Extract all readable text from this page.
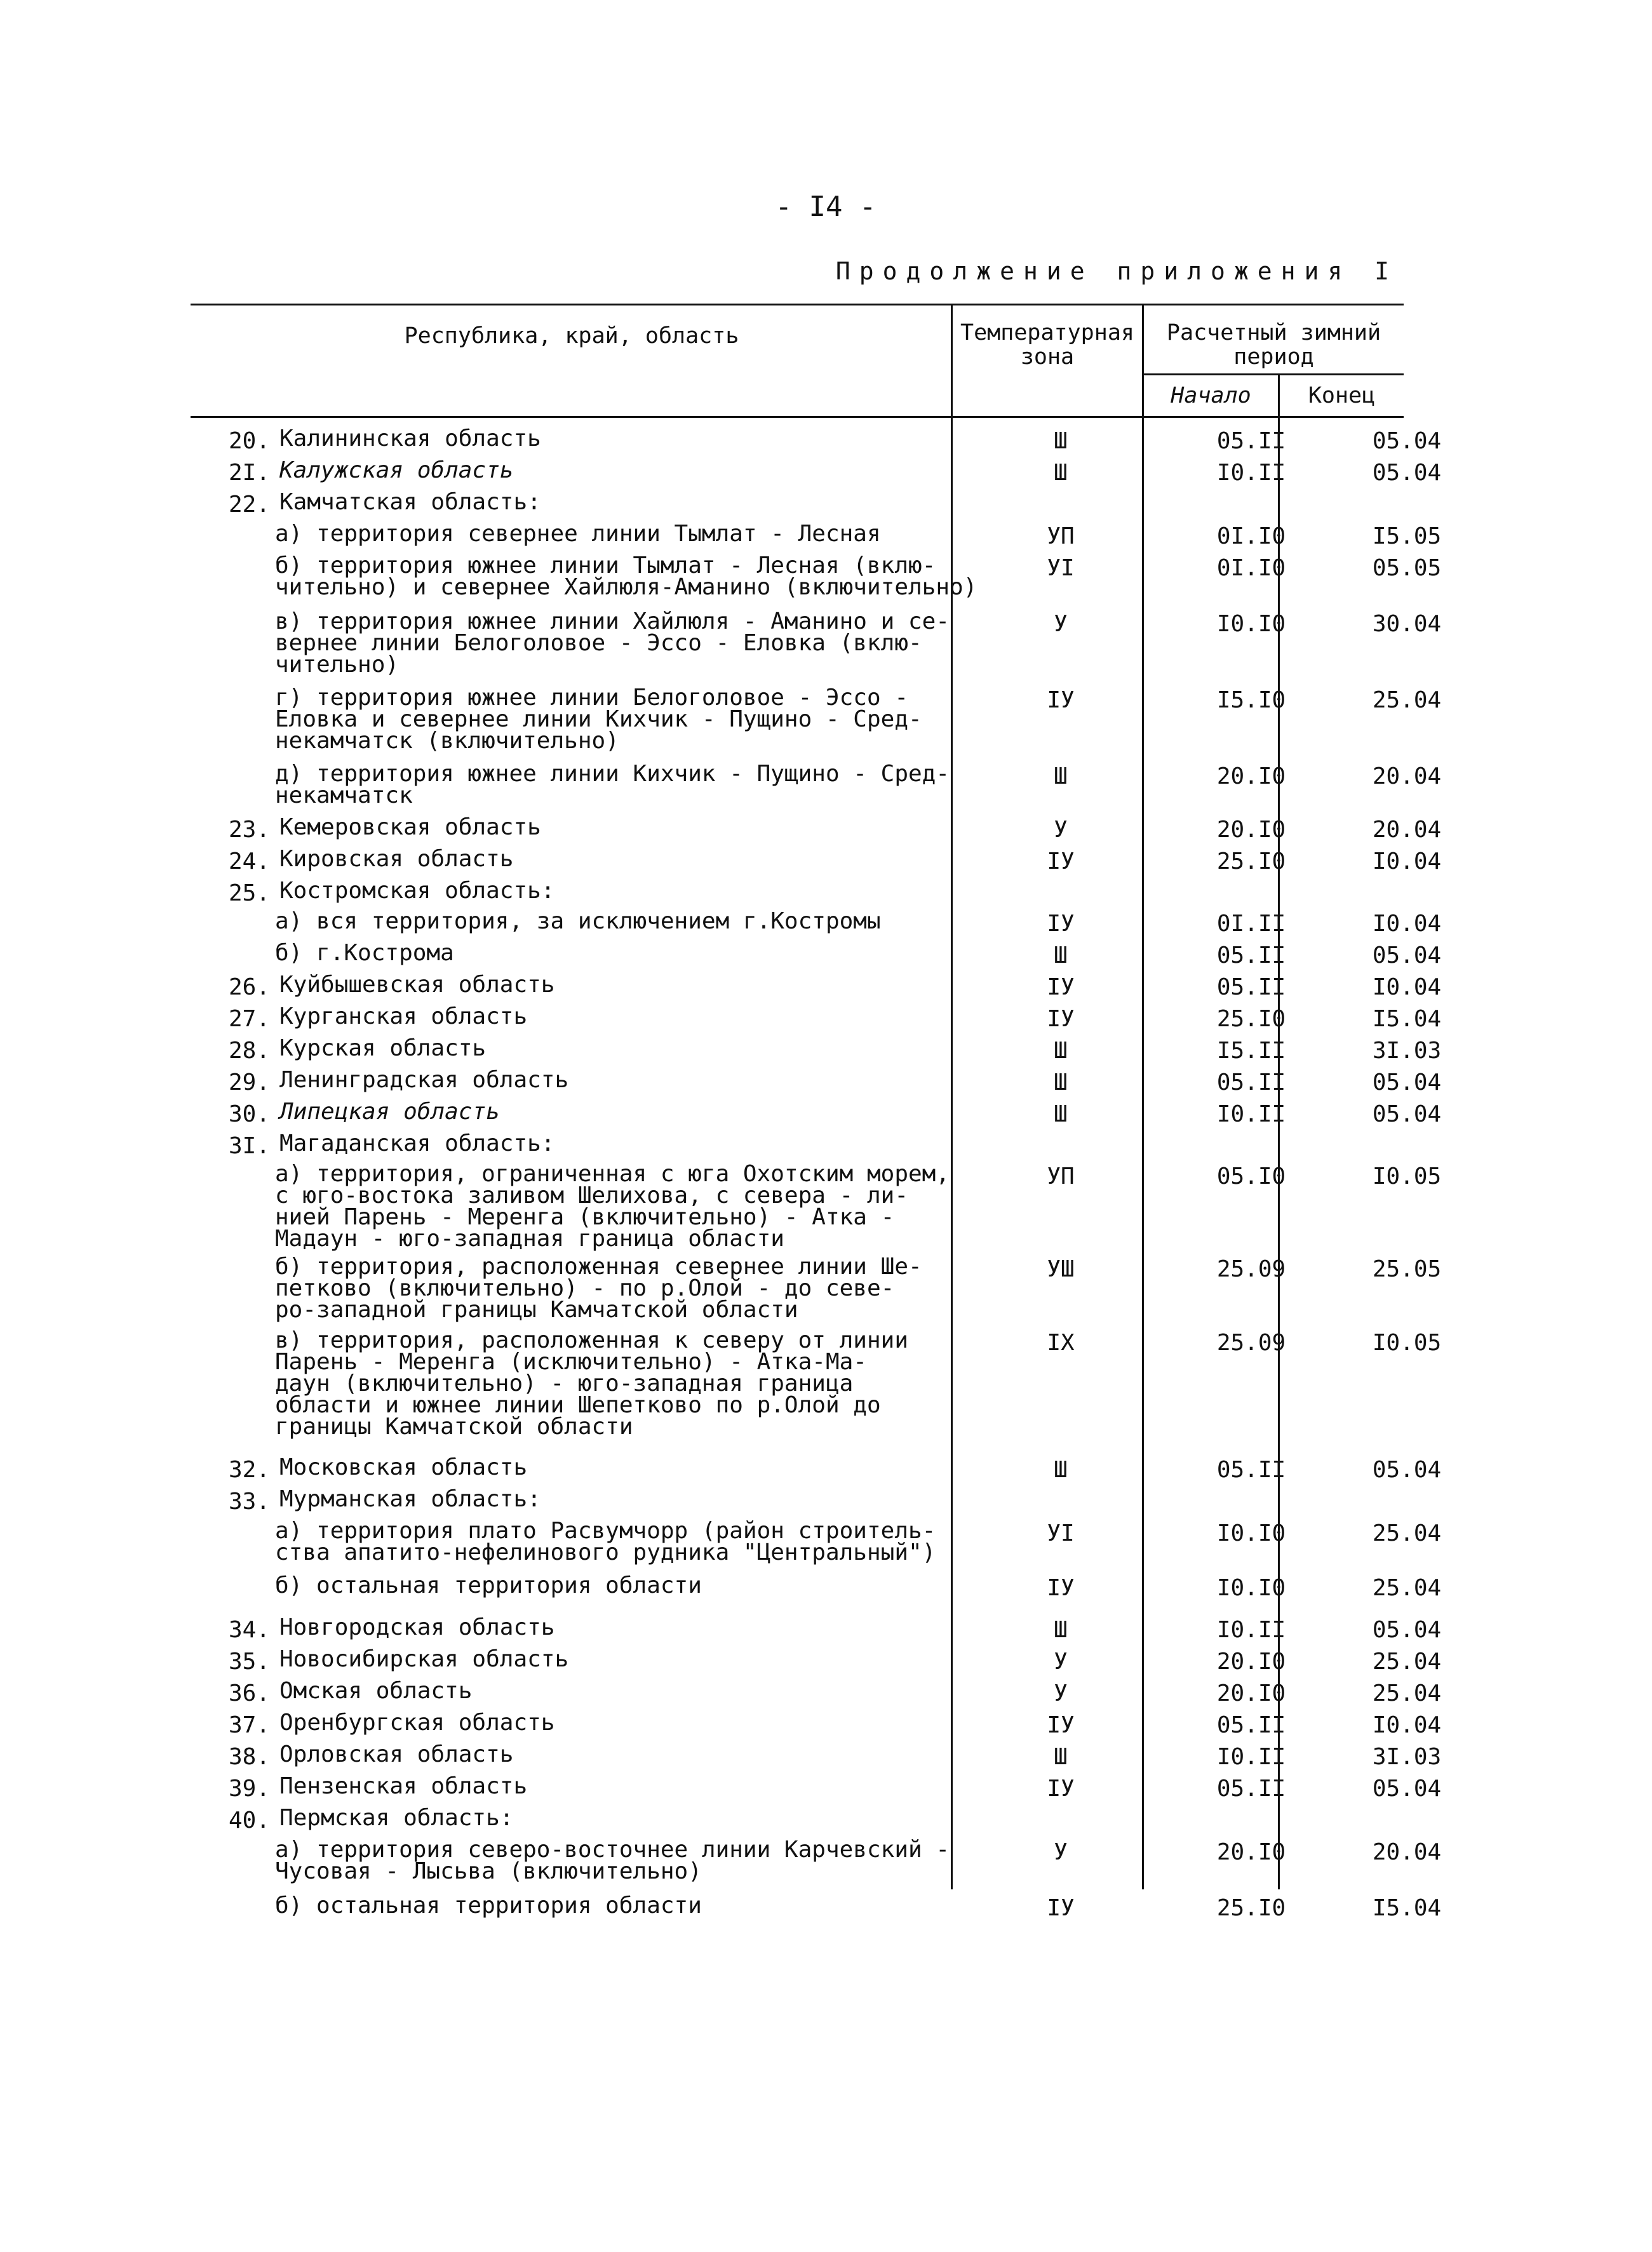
- I4 -
Продолжение приложения I
Республика, край, область	Температурная
зона
Расчетный зимний
период
Начало	Конец
20. Калининская область	Ш	05.II	05.04
2I. Калужская область	Ш	I0.II	05.04
22. Камчатская область:
а) территория севернее линии Тымлат - Лесная	УП	0I.I0	I5.05
б) территория южнее линии Тымлат - Лесная (вклю-
чительно) и севернее Хайлюля-Аманино (включительно)
УI	0I.I0	05.05
в) территория южнее линии Хайлюля - Аманино и се-
вернее линии Белоголовое - Эссо - Еловка (вклю-
чительно)
У	I0.I0	30.04
г) территория южнее линии Белоголовое - Эссо -
Еловка и севернее линии Кихчик - Пущино - Сред-
некамчатск (включительно)
IУ	I5.I0	25.04
д) территория южнее линии Кихчик - Пущино - Сред-
некамчатск
Ш	20.I0	20.04
23. Кемеровская область	У	20.I0	20.04
24. Кировская область	IУ	25.I0	I0.04
25. Костромская область:
а) вся территория, за исключением г.Костромы	IУ	0I.II	I0.04
б) г.Кострома	Ш	05.II	05.04
26. Куйбышевская область	IУ	05.II	I0.04
27. Курганская область	IУ	25.I0	I5.04
28. Курская область	Ш	I5.II	3I.03
29. Ленинградская область	Ш	05.II	05.04
30. Липецкая область	Ш	I0.II	05.04
3I. Магаданская область:
а) территория, ограниченная с юга Охотским морем,
с юго-востока заливом Шелихова, с севера - ли-
нией Парень - Меренга (включительно) - Атка -
Мадаун - юго-западная граница области
УП	05.I0	I0.05
б) территория, расположенная севернее линии Ше-
петково (включительно) - по р.Олой - до севе-
ро-западной границы Камчатской области
УШ	25.09	25.05
в) территория, расположенная к северу от линии
Парень - Меренга (исключительно) - Атка-Ма-
даун (включительно) - юго-западная граница
области и южнее линии Шепетково по р.Олой до
границы Камчатской области
IX	25.09	I0.05
32. Московская область	Ш	05.II	05.04
33. Мурманская область:
а) территория плато Расвумчорр (район строитель-
ства апатито-нефелинового рудника "Центральный")
УI	I0.I0	25.04
б) остальная территория области	IУ	I0.I0	25.04
34. Новгородская область	Ш	I0.II	05.04
35. Новосибирская область	У	20.I0	25.04
36. Омская область	У	20.I0	25.04
37. Оренбургская область	IУ	05.II	I0.04
38. Орловская область	Ш	I0.II	3I.03
39. Пензенская область	IУ	05.II	05.04
40. Пермская область:
а) территория северо-восточнее линии Карчевский -
Чусовая - Лысьва (включительно)
У	20.I0	20.04
б) остальная территория области	IУ	25.I0	I5.04
